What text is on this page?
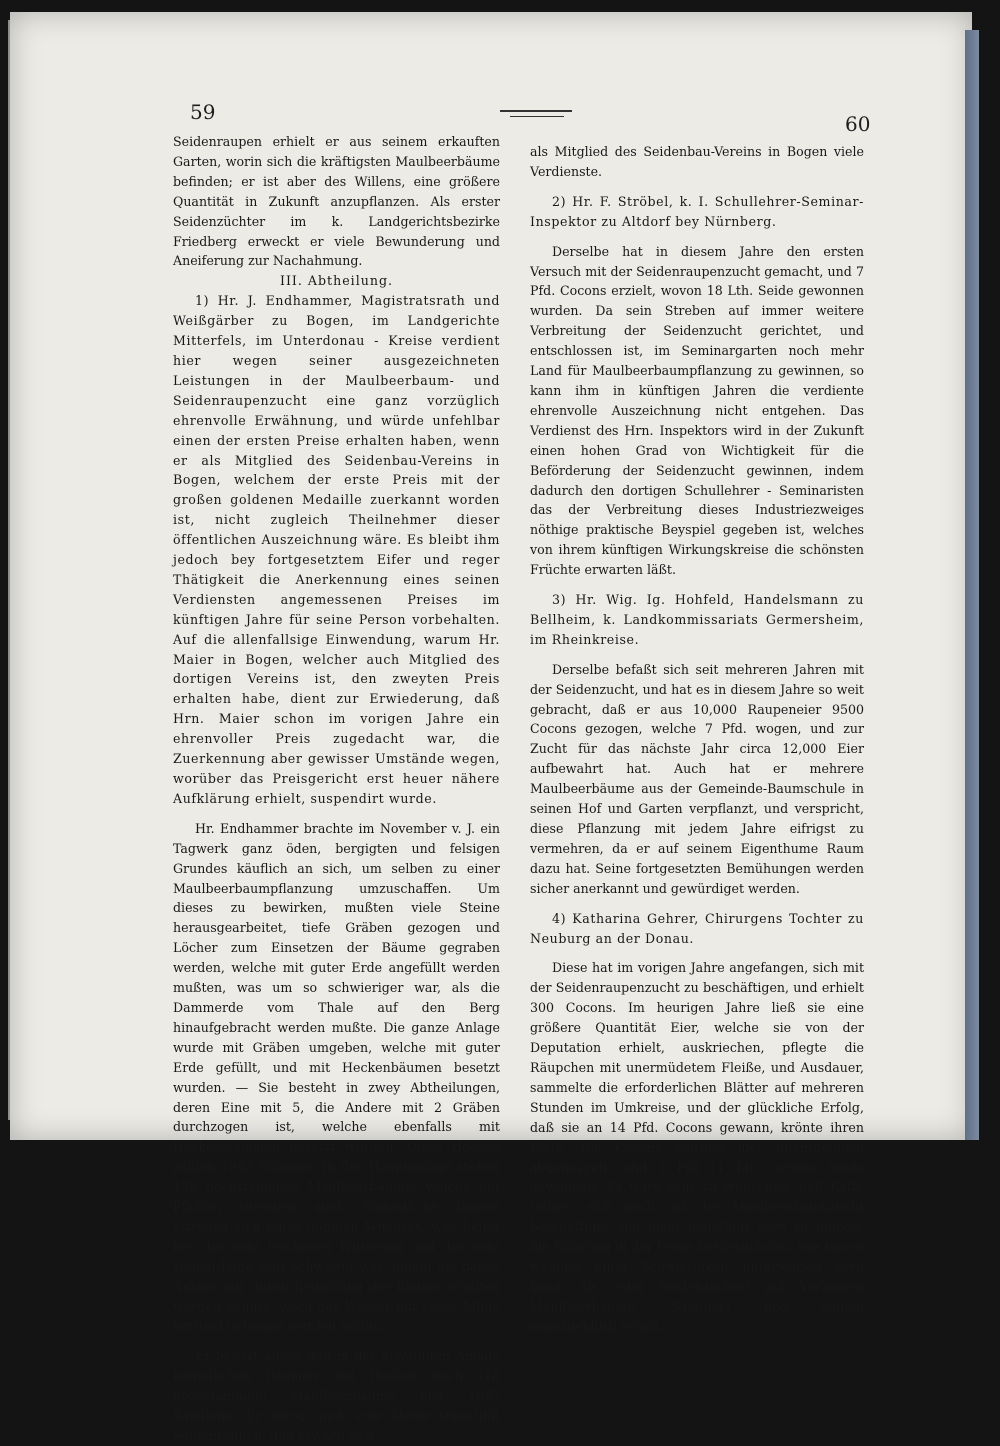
59	60

Seidenraupen erhielt er aus seinem erkauften Garten, worin sich die kräftigsten Maulbeerbäume befinden; er ist aber des Willens, eine größere Quantität in Zukunft anzupflanzen. Als erster Seidenzüchter im k. Landgerichtsbezirke Friedberg erweckt er viele Bewunderung und Aneiferung zur Nachahmung.

III. Abtheilung.

1) Hr. J. Endhammer, Magistratsrath und Weißgärber zu Bogen, im Landgerichte Mitterfels, im Unterdonau - Kreise verdient hier wegen seiner ausgezeichneten Leistungen in der Maulbeerbaum- und Seidenraupenzucht eine ganz vorzüglich ehrenvolle Erwähnung, und würde unfehlbar einen der ersten Preise erhalten haben, wenn er als Mitglied des Seidenbau-Vereins in Bogen, welchem der erste Preis mit der großen goldenen Medaille zuerkannt worden ist, nicht zugleich Theilnehmer dieser öffentlichen Auszeichnung wäre. Es bleibt ihm jedoch bey fortgesetztem Eifer und reger Thätigkeit die Anerkennung eines seinen Verdiensten angemessenen Preises im künftigen Jahre für seine Person vorbehalten. Auf die allenfallsige Einwendung, warum Hr. Maier in Bogen, welcher auch Mitglied des dortigen Vereins ist, den zweyten Preis erhalten habe, dient zur Erwiederung, daß Hrn. Maier schon im vorigen Jahre ein ehrenvoller Preis zugedacht war, die Zuerkennung aber gewisser Umstände wegen, worüber das Preisgericht erst heuer nähere Aufklärung erhielt, suspendirt wurde.

Hr. Endhammer brachte im November v. J. ein Tagwerk ganz öden, bergigten und felsigen Grundes käuflich an sich, um selben zu einer Maulbeerbaumpflanzung umzuschaffen. Um dieses zu bewirken, mußten viele Steine herausgearbeitet, tiefe Gräben gezogen und Löcher zum Einsetzen der Bäume gegraben werden, welche mit guter Erde angefüllt werden mußten, was um so schwieriger war, als die Dammerde vom Thale auf den Berg hinaufgebracht werden mußte. Die ganze Anlage wurde mit Gräben umgeben, welche mit guter Erde gefüllt, und mit Heckenbäumen besetzt wurden. — Sie besteht in zwey Abtheilungen, deren Eine mit 5, die Andere mit 2 Gräben durchzogen ist, welche ebenfalls mit Heckenstämmen besetzt wurden. Diese Hecken zählen 1943 Stämme. In der Hauptanlage stehen 152 hochstämmige Maulbeerbäume, welche mit Pfählen versehen sind. Sämmtliche Bäume erfreuen sich eines üppigen Wuchses, was heuer bey der sehr trockenen Witterung und der sehr steilen Lage sehr schwierig war, indem die ganze Anlage nur durch Begießung der Bäume erhalten werden konnte, wozu das Wasser mit vieler Mühe bergauf getragen werden mußte.

Er besitzt außer den in der erwähnten Anlage befindlichen Bäumen und Hecken noch 418 hochstämmige Maulbeerbäume und 1037 Sämlinge. Er erzog auch eine kleine Quantität Seidenraupen, und erwarb sich

als Mitglied des Seidenbau-Vereins in Bogen viele Verdienste.

2) Hr. F. Ströbel, k. I. Schullehrer-Seminar-Inspektor zu Altdorf bey Nürnberg.

Derselbe hat in diesem Jahre den ersten Versuch mit der Seidenraupenzucht gemacht, und 7 Pfd. Cocons erzielt, wovon 18 Lth. Seide gewonnen wurden. Da sein Streben auf immer weitere Verbreitung der Seidenzucht gerichtet, und entschlossen ist, im Seminargarten noch mehr Land für Maulbeerbaumpflanzung zu gewinnen, so kann ihm in künftigen Jahren die verdiente ehrenvolle Auszeichnung nicht entgehen. Das Verdienst des Hrn. Inspektors wird in der Zukunft einen hohen Grad von Wichtigkeit für die Beförderung der Seidenzucht gewinnen, indem dadurch den dortigen Schullehrer - Seminaristen das der Verbreitung dieses Industriezweiges nöthige praktische Beyspiel gegeben ist, welches von ihrem künftigen Wirkungskreise die schönsten Früchte erwarten läßt.

3) Hr. Wig. Ig. Hohfeld, Handelsmann zu Bellheim, k. Landkommissariats Germersheim, im Rheinkreise.

Derselbe befaßt sich seit mehreren Jahren mit der Seidenzucht, und hat es in diesem Jahre so weit gebracht, daß er aus 10,000 Raupeneier 9500 Cocons gezogen, welche 7 Pfd. wogen, und zur Zucht für das nächste Jahr circa 12,000 Eier aufbewahrt hat. Auch hat er mehrere Maulbeerbäume aus der Gemeinde-Baumschule in seinen Hof und Garten verpflanzt, und verspricht, diese Pflanzung mit jedem Jahre eifrigst zu vermehren, da er auf seinem Eigenthume Raum dazu hat. Seine fortgesetzten Bemühungen werden sicher anerkannt und gewürdiget werden.

4) Katharina Gehrer, Chirurgens Tochter zu Neuburg an der Donau.

Diese hat im vorigen Jahre angefangen, sich mit der Seidenraupenzucht zu beschäftigen, und erhielt 300 Cocons. Im heurigen Jahre ließ sie eine größere Quantität Eier, welche sie von der Deputation erhielt, auskriechen, pflegte die Räupchen mit unermüdetem Fleiße, und Ausdauer, sammelte die erforderlichen Blätter auf mehreren Stunden im Umkreise, und der glückliche Erfolg, daß sie an 14 Pfd. Cocons gewann, krönte ihren Fleiß. Die Cocons wurden hier unentgeldlich abgehaspelt, und 1 Pfd 11 Lth. schöne Seide gewonnen. Es wäre sehr zu wünschen, daß Kath. Gehrer sich auch mit der Maulbeerbaumzucht beschäftigte, um nicht genöthigt seyn zu müßen, die Nahrung in der Ferne herbeizuholen, was um so weniger einer Schwierigkeit unterworfen seyn kann, als jeder Seidenzüchter auf Verlangen Maulbeerbäume, Sämlinge und Samen unentgeldlich erhält.
